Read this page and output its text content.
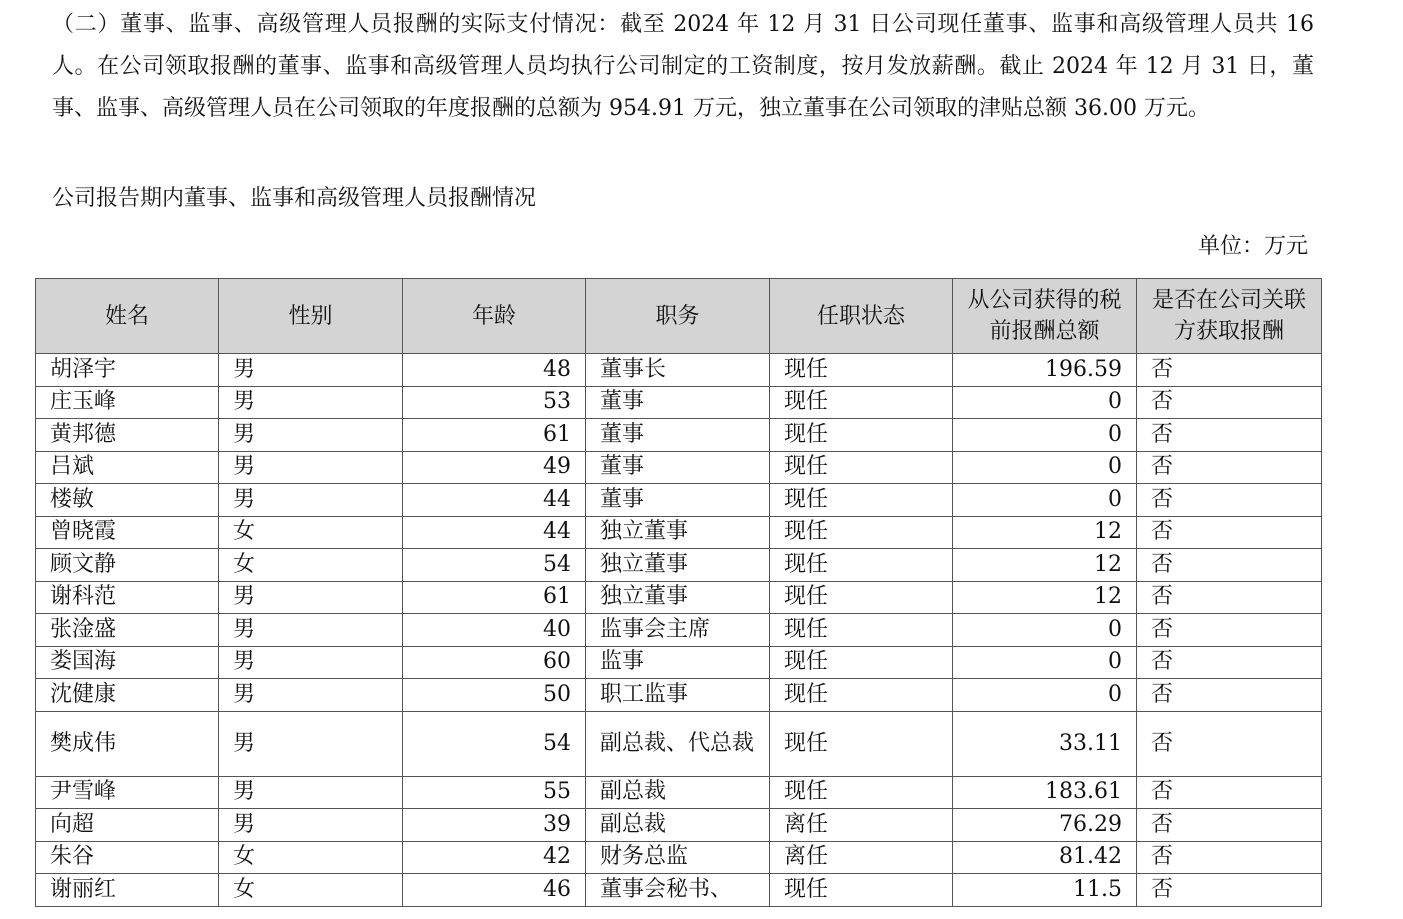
（二）董事、监事、高级管理人员报酬的实际支付情况：截至 2024 年 12 月 31 日公司现任董事、监事和高级管理人员共 16 人。在公司领取报酬的董事、监事和高级管理人员均执行公司制定的工资制度，按月发放薪酬。截止 2024 年 12 月 31 日，董事、监事、高级管理人员在公司领取的年度报酬的总额为 954.91 万元，独立董事在公司领取的津贴总额 36.00 万元。

公司报告期内董事、监事和高级管理人员报酬情况

单位：万元

姓名	性别	年龄	职务	任职状态	从公司获得的税前报酬总额	是否在公司关联方获取报酬
胡泽宇	男	48	董事长	现任	196.59	否
庄玉峰	男	53	董事	现任	0	否
黄邦德	男	61	董事	现任	0	否
吕斌	男	49	董事	现任	0	否
楼敏	男	44	董事	现任	0	否
曾晓霞	女	44	独立董事	现任	12	否
顾文静	女	54	独立董事	现任	12	否
谢科范	男	61	独立董事	现任	12	否
张淦盛	男	40	监事会主席	现任	0	否
娄国海	男	60	监事	现任	0	否
沈健康	男	50	职工监事	现任	0	否
樊成伟	男	54	副总裁、代总裁	现任	33.11	否
尹雪峰	男	55	副总裁	现任	183.61	否
向超	男	39	副总裁	离任	76.29	否
朱谷	女	42	财务总监	离任	81.42	否
谢丽红	女	46	董事会秘书、	现任	11.5	否
